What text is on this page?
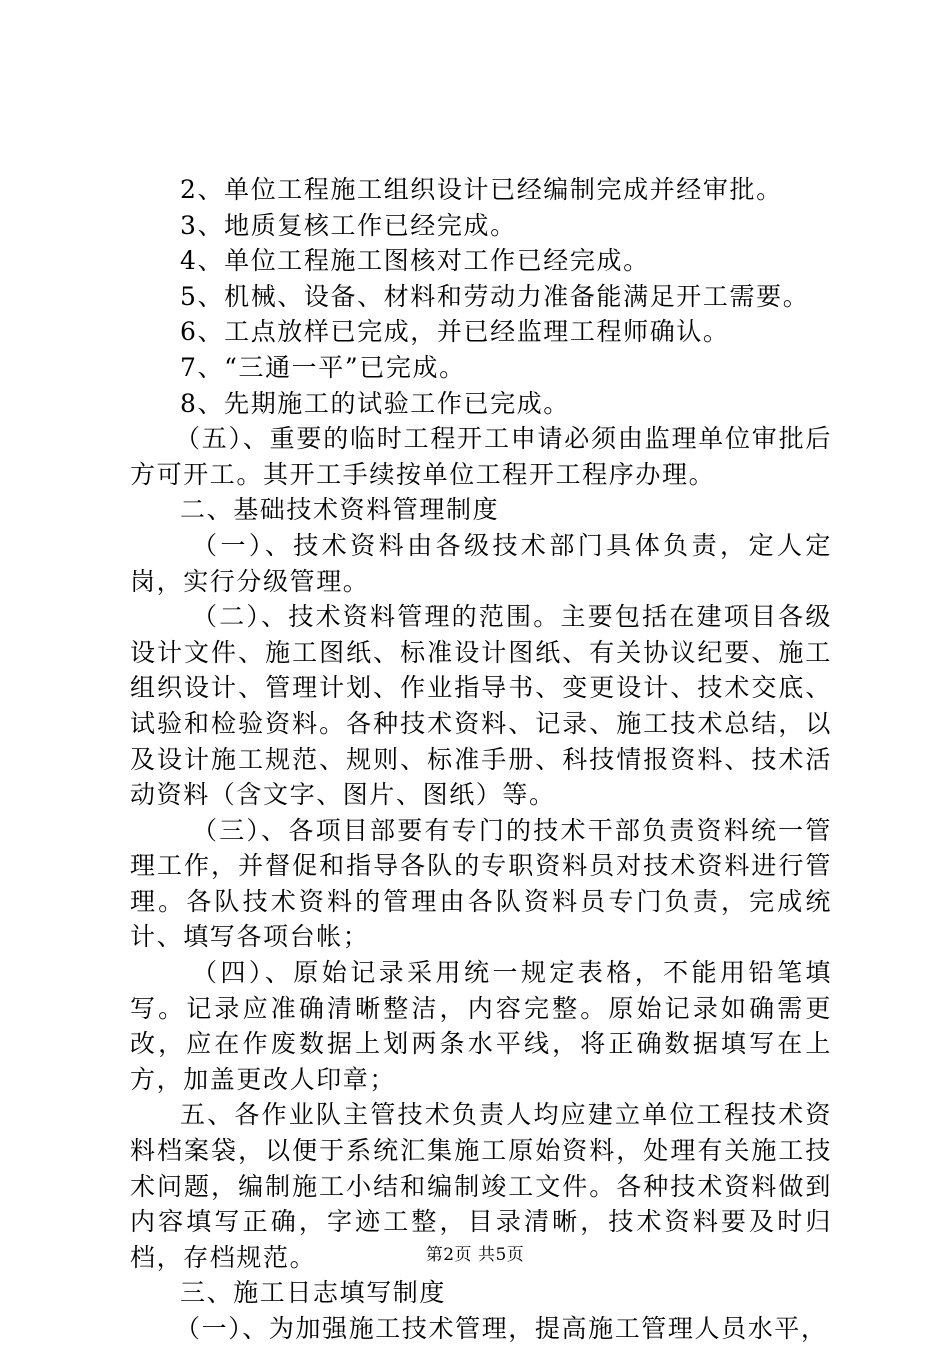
2、单位工程施工组织设计已经编制完成并经审批。

3、地质复核工作已经完成。

4、单位工程施工图核对工作已经完成。

5、机械、设备、材料和劳动力准备能满足开工需要。

6、工点放样已完成，并已经监理工程师确认。

7、“三通一平”已完成。

8、先期施工的试验工作已完成。

（五）、重要的临时工程开工申请必须由监理单位审批后方可开工。其开工手续按单位工程开工程序办理。

二、基础技术资料管理制度

（一）、技术资料由各级技术部门具体负责，定人定岗，实行分级管理。

（二）、技术资料管理的范围。主要包括在建项目各级设计文件、施工图纸、标准设计图纸、有关协议纪要、施工组织设计、管理计划、作业指导书、变更设计、技术交底、试验和检验资料。各种技术资料、记录、施工技术总结，以及设计施工规范、规则、标准手册、科技情报资料、技术活动资料（含文字、图片、图纸）等。

（三）、各项目部要有专门的技术干部负责资料统一管理工作，并督促和指导各队的专职资料员对技术资料进行管理。各队技术资料的管理由各队资料员专门负责，完成统计、填写各项台帐；

（四）、原始记录采用统一规定表格，不能用铅笔填写。记录应准确清晰整洁，内容完整。原始记录如确需更改，应在作废数据上划两条水平线，将正确数据填写在上方，加盖更改人印章；

五、各作业队主管技术负责人均应建立单位工程技术资料档案袋，以便于系统汇集施工原始资料，处理有关施工技术问题，编制施工小结和编制竣工文件。各种技术资料做到内容填写正确，字迹工整，目录清晰，技术资料要及时归档，存档规范。

三、施工日志填写制度

（一）、为加强施工技术管理，提高施工管理人员水平，

第2页 共5页
